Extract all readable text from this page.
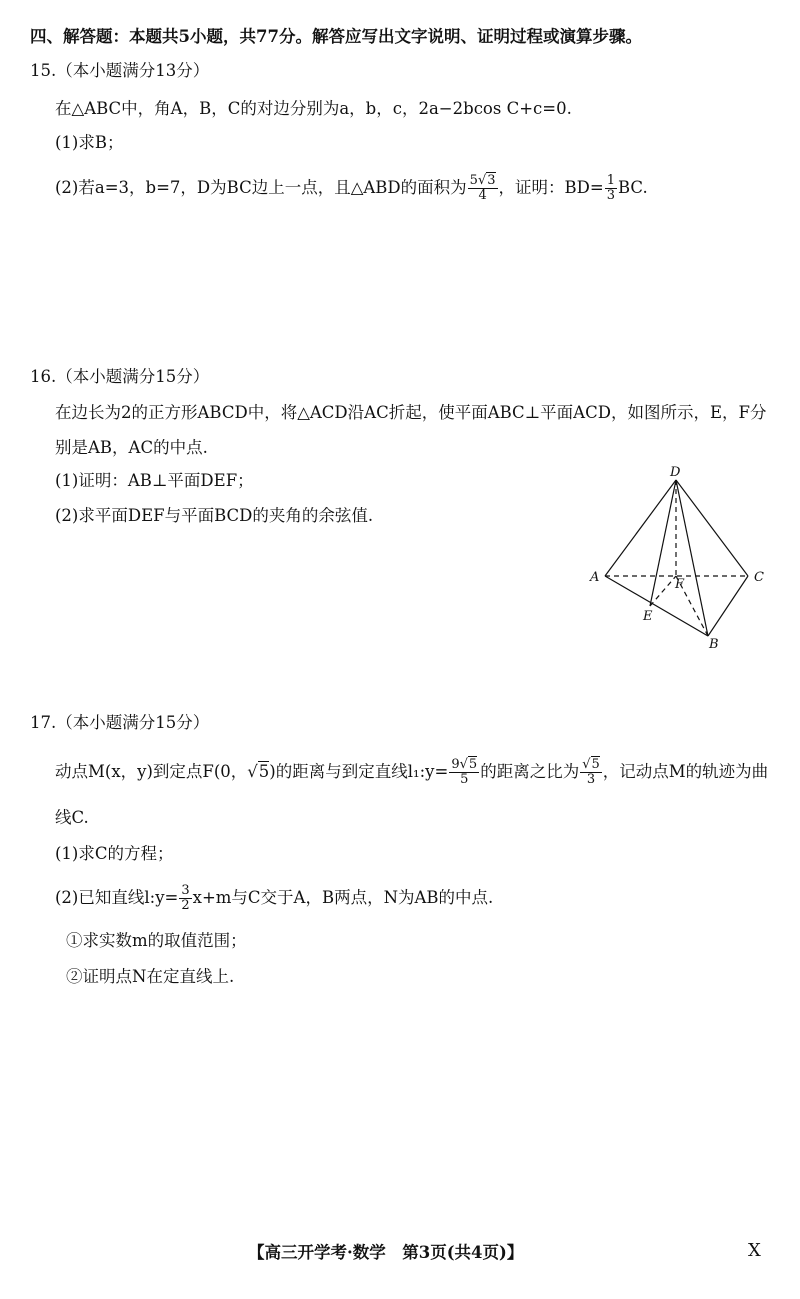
四、解答题：本题共5小题，共77分。解答应写出文字说明、证明过程或演算步骤。
15.（本小题满分13分）
在△ABC中，角A，B，C的对边分别为a，b，c，2a−2bcos C+c=0.
(1)求B；
(2)若a=3，b=7，D为BC边上一点，且△ABD的面积为 $\frac{5√3}{4}$ ，证明：$BD= \frac{1}{3}$ BC.
16.（本小题满分15分）
在边长为2的正方形ABCD中，将△ACD沿AC折起，使平面ABC⊥平面ACD，如图所示，E，F分
别是AB，AC的中点.
(1)证明：AB⊥平面DEF；
(2)求平面DEF与平面BCD的夹角的余弦值.
D
A	C
F
E
B
17.（本小题满分15分）
动点M(x，y)到定点F(0，√5)的距离与到定直线l₁:y= $\frac{9√5}{5}$ 的距离之比为 $\frac{√5}{3}$ ，记动点M的轨迹为曲
线C.
(1)求C的方程；
(2)已知直线l:y= $\frac{3}{2} x+m$与C交于A，B两点，N为AB的中点.
①求实数m的取值范围；
②证明点N在定直线上.
【高三开学考·数学　第3页(共4页)】	X
